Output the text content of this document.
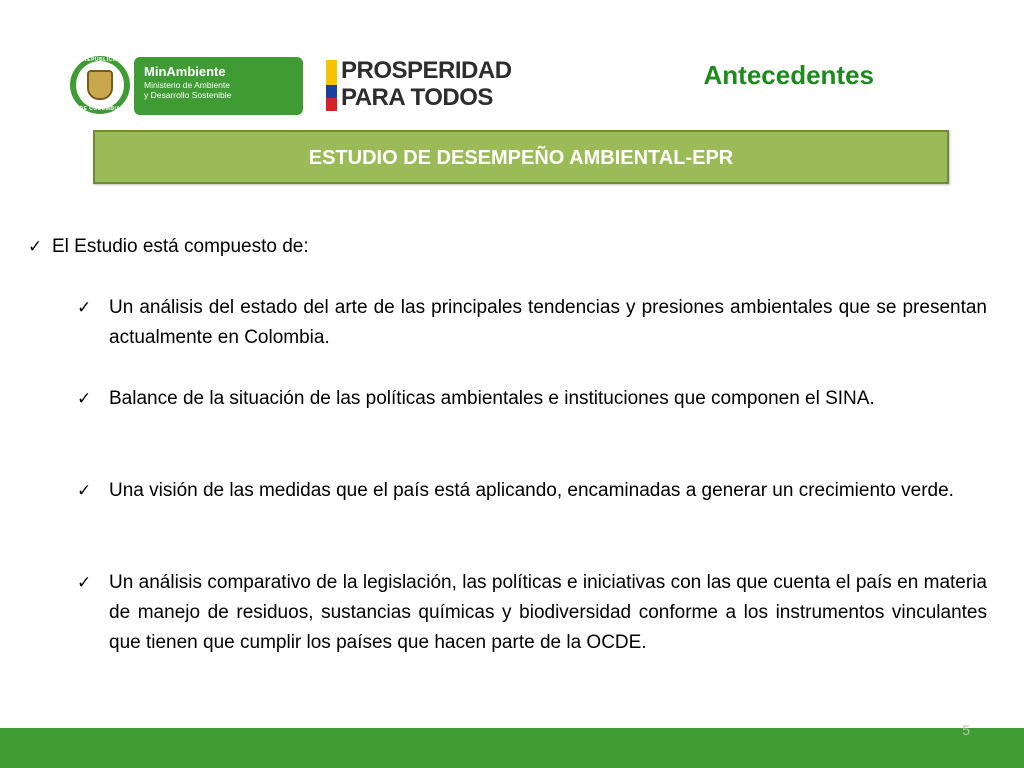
REPÚBLICA
DE COLOMBIA
MinAmbiente
Ministerio de Ambiente
y Desarrollo Sostenible
PROSPERIDAD
PARA TODOS
Antecedentes
ESTUDIO DE DESEMPEÑO AMBIENTAL-EPR
✓ El Estudio está compuesto de:
✓ Un análisis del estado del arte de las principales tendencias y presiones ambientales que se presentan actualmente en Colombia.
✓ Balance de la situación de las políticas ambientales e instituciones que componen el SINA.
✓ Una visión de las medidas que el país está aplicando, encaminadas a generar un crecimiento verde.
✓ Un análisis comparativo de la legislación, las políticas e iniciativas con las que cuenta el país en materia de manejo de residuos, sustancias químicas y biodiversidad conforme a los instrumentos vinculantes que tienen que cumplir los países que hacen parte de la OCDE.
5
